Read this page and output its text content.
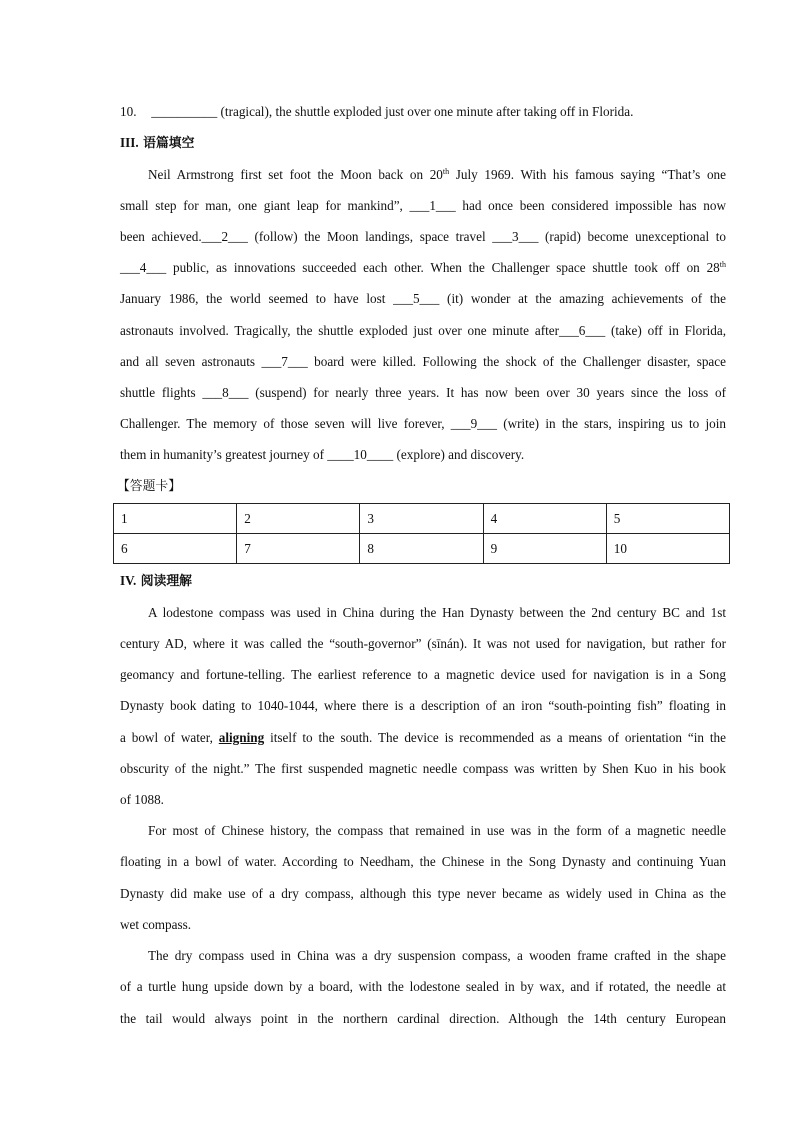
10. __________ (tragical), the shuttle exploded just over one minute after taking off in Florida.
III. 语篇填空
Neil Armstrong first set foot the Moon back on 20th July 1969. With his famous saying “That’s one
small step for man, one giant leap for mankind”, ___1___ had once been considered impossible has now
been achieved.___2___ (follow) the Moon landings, space travel ___3___ (rapid) become unexceptional to
___4___ public, as innovations succeeded each other. When the Challenger space shuttle took off on 28th
January 1986, the world seemed to have lost ___5___ (it) wonder at the amazing achievements of the
astronauts involved. Tragically, the shuttle exploded just over one minute after___6___ (take) off in Florida,
and all seven astronauts ___7___ board were killed. Following the shock of the Challenger disaster, space
shuttle flights ___8___ (suspend) for nearly three years. It has now been over 30 years since the loss of
Challenger. The memory of those seven will live forever, ___9___ (write) in the stars, inspiring us to join
them in humanity’s greatest journey of ____10____ (explore) and discovery.
【答题卡】
1	2	3	4	5
6	7	8	9	10
IV. 阅读理解
A lodestone compass was used in China during the Han Dynasty between the 2nd century BC and 1st
century AD, where it was called the “south-governor” (sīnán). It was not used for navigation, but rather for
geomancy and fortune-telling. The earliest reference to a magnetic device used for navigation is in a Song
Dynasty book dating to 1040-1044, where there is a description of an iron “south-pointing fish” floating in
a bowl of water, aligning itself to the south. The device is recommended as a means of orientation “in the
obscurity of the night.” The first suspended magnetic needle compass was written by Shen Kuo in his book
of 1088.
For most of Chinese history, the compass that remained in use was in the form of a magnetic needle
floating in a bowl of water. According to Needham, the Chinese in the Song Dynasty and continuing Yuan
Dynasty did make use of a dry compass, although this type never became as widely used in China as the
wet compass.
The dry compass used in China was a dry suspension compass, a wooden frame crafted in the shape
of a turtle hung upside down by a board, with the lodestone sealed in by wax, and if rotated, the needle at
the tail would always point in the northern cardinal direction. Although the 14th century European
